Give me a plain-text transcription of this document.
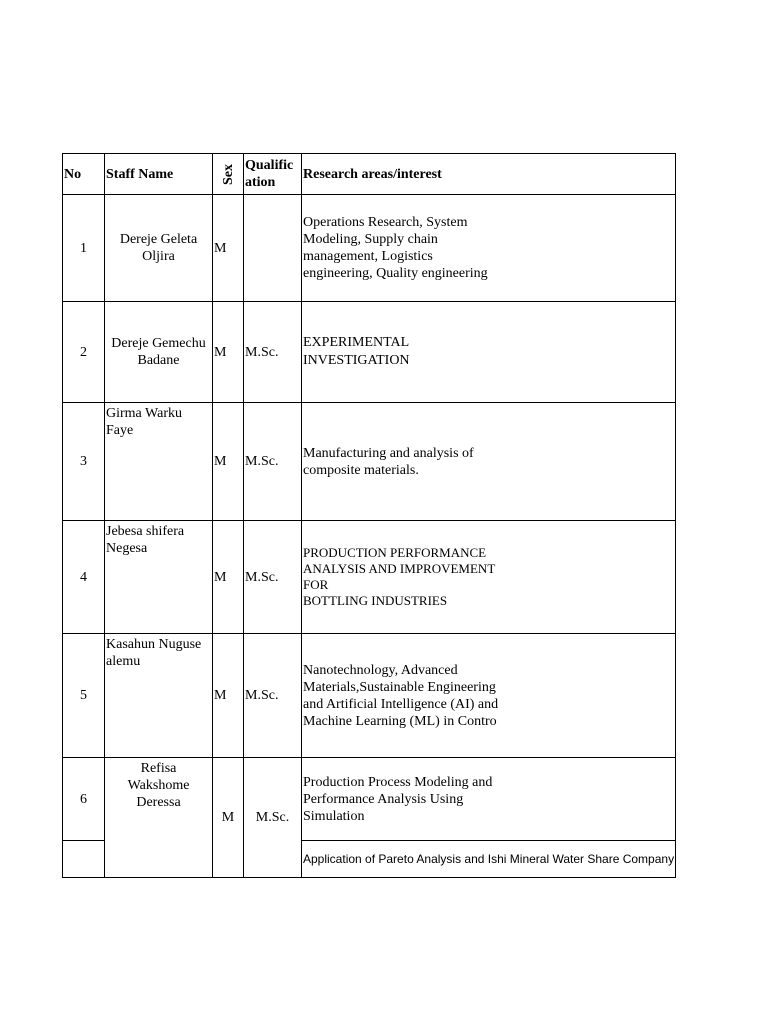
No	Staff Name	Sex	Qualific
ation	Research areas/interest
1	Dereje Geleta
Oljira	M		Operations Research, System
Modeling, Supply chain
management, Logistics
engineering, Quality engineering
2	Dereje Gemechu
Badane	M	M.Sc.	EXPERIMENTAL
INVESTIGATION
3	Girma Warku
Faye	M	M.Sc.	Manufacturing and analysis of
composite materials.
4	Jebesa shifera
Negesa	M	M.Sc.	PRODUCTION PERFORMANCE
ANALYSIS AND IMPROVEMENT
FOR
BOTTLING INDUSTRIES
5	Kasahun Nuguse
alemu	M	M.Sc.	Nanotechnology, Advanced
Materials,Sustainable Engineering
and Artificial Intelligence (AI) and
Machine Learning (ML) in Contro
6	Refisa
Wakshome
Deressa	M	M.Sc.	Production Process Modeling and
Performance Analysis Using
Simulation
				Application of Pareto Analysis and Ishi Mineral Water Share Company
